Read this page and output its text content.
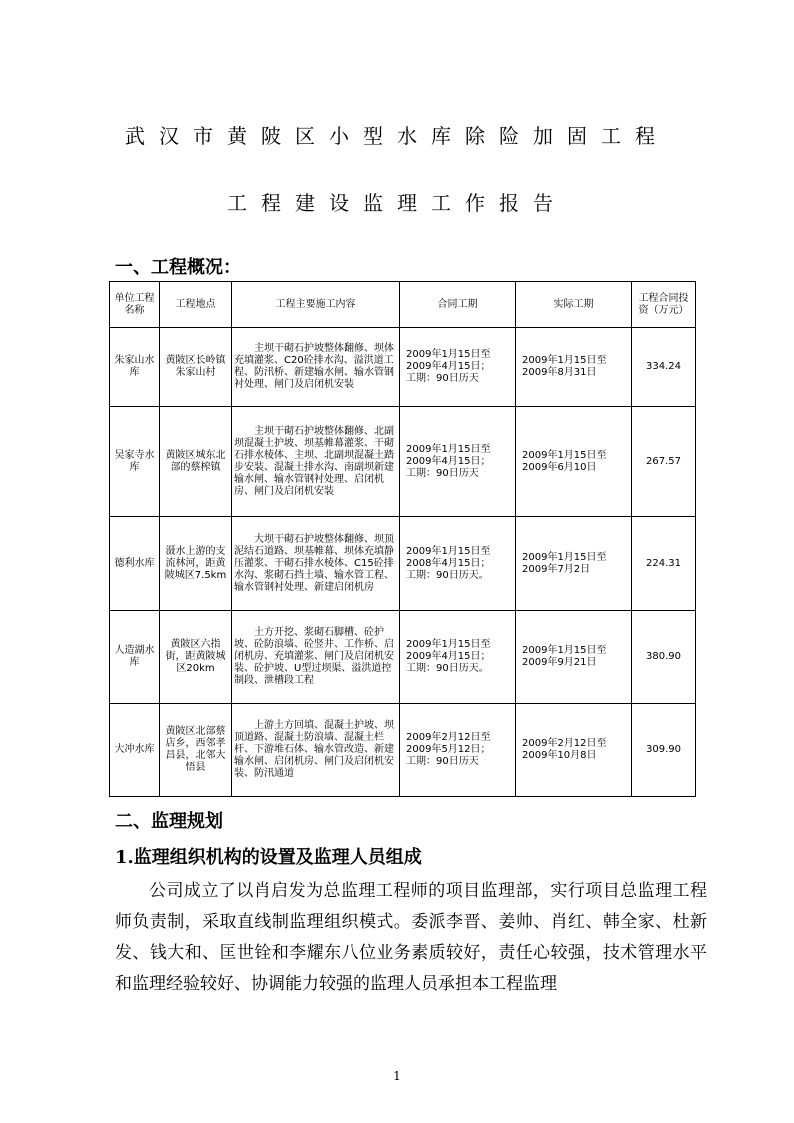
武汉市黄陂区小型水库除险加固工程
工程建设监理工作报告
一、工程概况：
单位工程名称	工程地点	工程主要施工内容	合同工期	实际工期	工程合同投资（万元）
朱家山水库	黄陂区长岭镇朱家山村	主坝干砌石护坡整体翻修、坝体充填灌浆、C20砼排水沟、溢洪道工程、防汛桥、新建输水闸、输水管钢衬处理、闸门及启闭机安装	2009年1月15日至2009年4月15日；
工期：90日历天	2009年1月15日至2009年8月31日	334.24
吴家寺水库	黄陂区城东北部的蔡榨镇	主坝干砌石护坡整体翻修、北副坝混凝土护坡、坝基帷幕灌浆、干砌石排水棱体、主坝、北副坝混凝土踏步安装、混凝土排水沟、南副坝新建输水闸、输水管钢衬处理、启闭机房、闸门及启闭机安装	2009年1月15日至2009年4月15日；
工期：90日历天	2009年1月15日至2009年6月10日	267.57
德利水库	滠水上游的支流林河，距黄陂城区7.5km	大坝干砌石护坡整体翻修、坝顶泥结石道路、坝基帷幕、坝体充填静压灌浆、干砌石排水棱体、C15砼排水沟、浆砌石挡土墙、输水管工程、输水管钢衬处理、新建启闭机房	2009年1月15日至2008年4月15日；
工期：90日历天。	2009年1月15日至2009年7月2日	224.31
人造湖水库	黄陂区六指街，距黄陂城区20km	土方开挖、浆砌石脚槽、砼护坡、砼防浪墙、砼竖井、工作桥、启闭机房、充填灌浆、闸门及启闭机安装、砼护坡、U型过坝渠、溢洪道控制段、泄槽段工程	2009年1月15日至2009年4月15日；
工期：90日历天。	2009年1月15日至2009年9月21日	380.90
大冲水库	黄陂区北部蔡店乡，西邻孝昌县，北邻大悟县	上游土方回填、混凝土护坡、坝顶道路、混凝土防浪墙、混凝土栏杆、下游堆石体、输水管改造、新建输水闸、启闭机房、闸门及启闭机安装、防汛通道	2009年2月12日至2009年5月12日；
工期：90日历天	2009年2月12日至2009年10月8日	309.90
二、监理规划
1.监理组织机构的设置及监理人员组成
公司成立了以肖启发为总监理工程师的项目监理部，实行项目总监理工程师负责制，采取直线制监理组织模式。委派李晋、姜帅、肖红、韩全家、杜新发、钱大和、匡世铨和李耀东八位业务素质较好，责任心较强，技术管理水平和监理经验较好、协调能力较强的监理人员承担本工程监理
1
